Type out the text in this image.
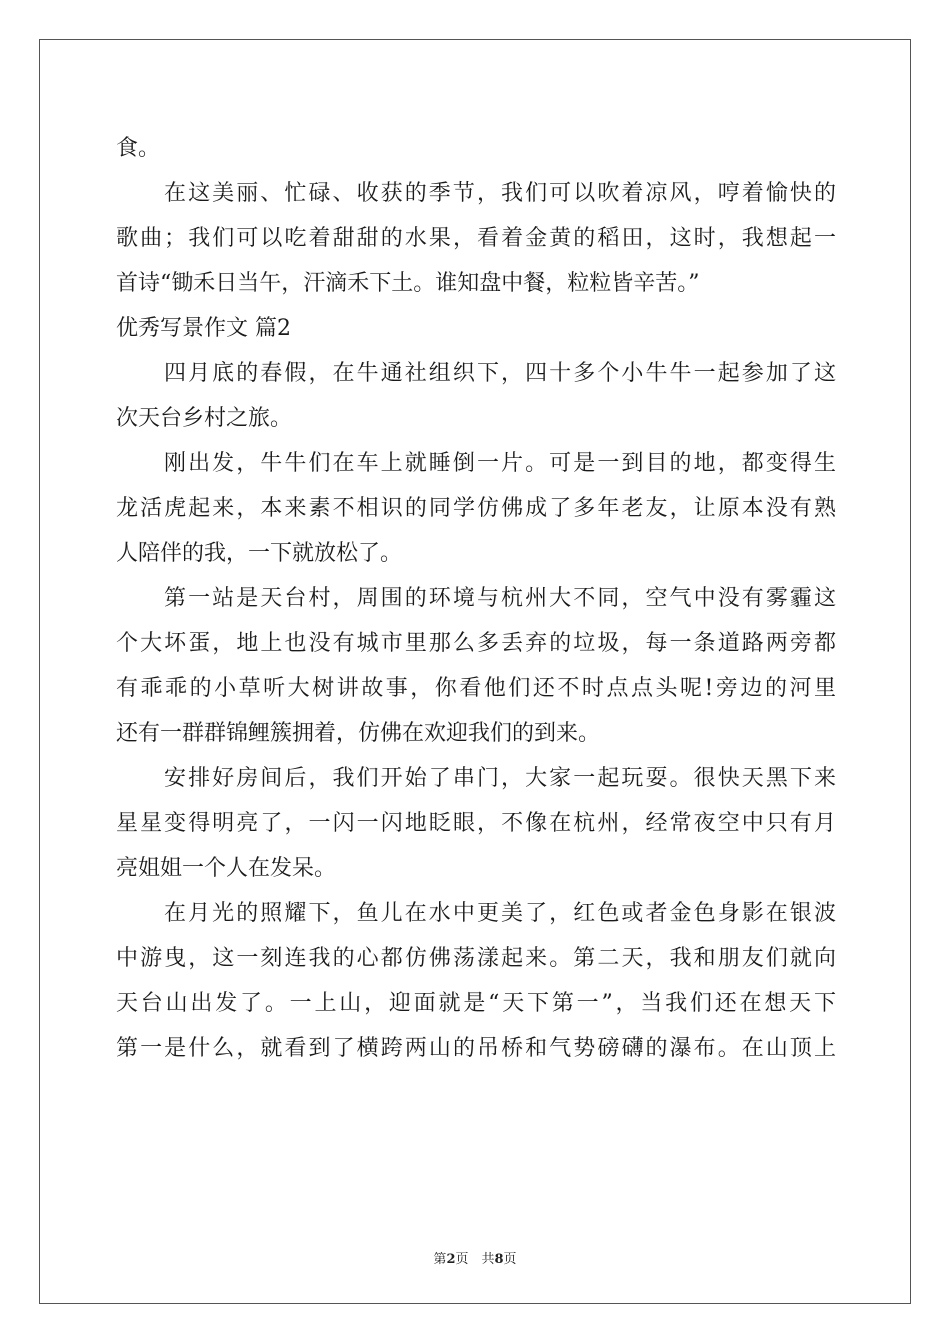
食。
在这美丽、忙碌、收获的季节，我们可以吹着凉风，哼着愉快的
歌曲；我们可以吃着甜甜的水果，看着金黄的稻田，这时，我想起一
首诗“锄禾日当午，汗滴禾下土。谁知盘中餐，粒粒皆辛苦。”
优秀写景作文 篇2
四月底的春假，在牛通社组织下，四十多个小牛牛一起参加了这
次天台乡村之旅。
刚出发，牛牛们在车上就睡倒一片。可是一到目的地，都变得生
龙活虎起来，本来素不相识的同学仿佛成了多年老友，让原本没有熟
人陪伴的我，一下就放松了。
第一站是天台村，周围的环境与杭州大不同，空气中没有雾霾这
个大坏蛋，地上也没有城市里那么多丢弃的垃圾，每一条道路两旁都
有乖乖的小草听大树讲故事，你看他们还不时点点头呢!旁边的河里
还有一群群锦鲤簇拥着，仿佛在欢迎我们的到来。
安排好房间后，我们开始了串门，大家一起玩耍。很快天黑下来
星星变得明亮了，一闪一闪地眨眼，不像在杭州，经常夜空中只有月
亮姐姐一个人在发呆。
在月光的照耀下，鱼儿在水中更美了，红色或者金色身影在银波
中游曳，这一刻连我的心都仿佛荡漾起来。第二天，我和朋友们就向
天台山出发了。一上山，迎面就是“天下第一”，当我们还在想天下
第一是什么，就看到了横跨两山的吊桥和气势磅礴的瀑布。在山顶上
第2页　共8页
